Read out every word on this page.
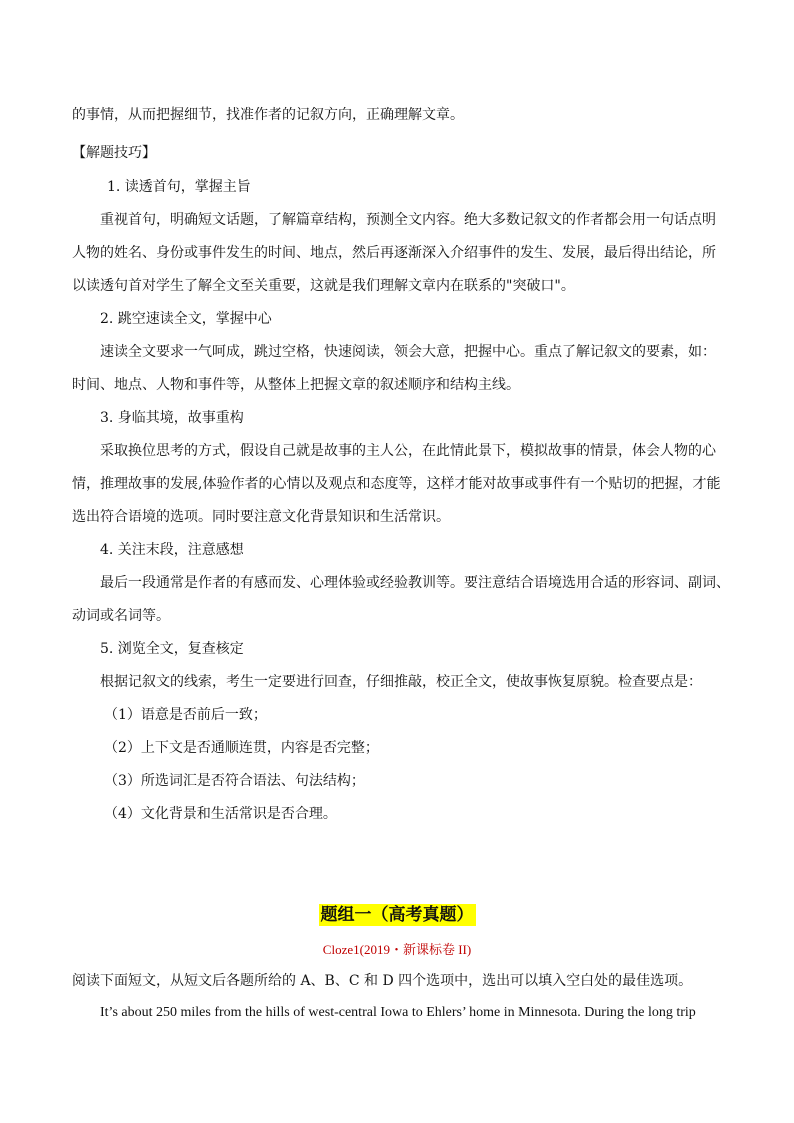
的事情，从而把握细节，找准作者的记叙方向，正确理解文章。
【解题技巧】
1. 读透首句，掌握主旨
重视首句，明确短文话题，了解篇章结构，预测全文内容。绝大多数记叙文的作者都会用一句话点明
人物的姓名、身份或事件发生的时间、地点，然后再逐渐深入介绍事件的发生、发展，最后得出结论，所
以读透句首对学生了解全文至关重要，这就是我们理解文章内在联系的"突破口"。
2. 跳空速读全文，掌握中心
速读全文要求一气呵成，跳过空格，快速阅读，领会大意，把握中心。重点了解记叙文的要素，如：
时间、地点、人物和事件等，从整体上把握文章的叙述顺序和结构主线。
3. 身临其境，故事重构
采取换位思考的方式，假设自己就是故事的主人公，在此情此景下，模拟故事的情景，体会人物的心
情，推理故事的发展,体验作者的心情以及观点和态度等，这样才能对故事或事件有一个贴切的把握，才能
选出符合语境的选项。同时要注意文化背景知识和生活常识。
4. 关注末段，注意感想
最后一段通常是作者的有感而发、心理体验或经验教训等。要注意结合语境选用合适的形容词、副词、
动词或名词等。
5. 浏览全文，复查核定
根据记叙文的线索，考生一定要进行回查，仔细推敲，校正全文，使故事恢复原貌。检查要点是：
（1）语意是否前后一致；
（2）上下文是否通顺连贯，内容是否完整；
（3）所选词汇是否符合语法、句法结构；
（4）文化背景和生活常识是否合理。
题组一（高考真题）
Cloze1(2019・新课标卷 II)
阅读下面短文，从短文后各题所给的 A、B、C 和 D 四个选项中，选出可以填入空白处的最佳选项。
It’s about 250 miles from the hills of west-central Iowa to Ehlers’ home in Minnesota. During the long trip
